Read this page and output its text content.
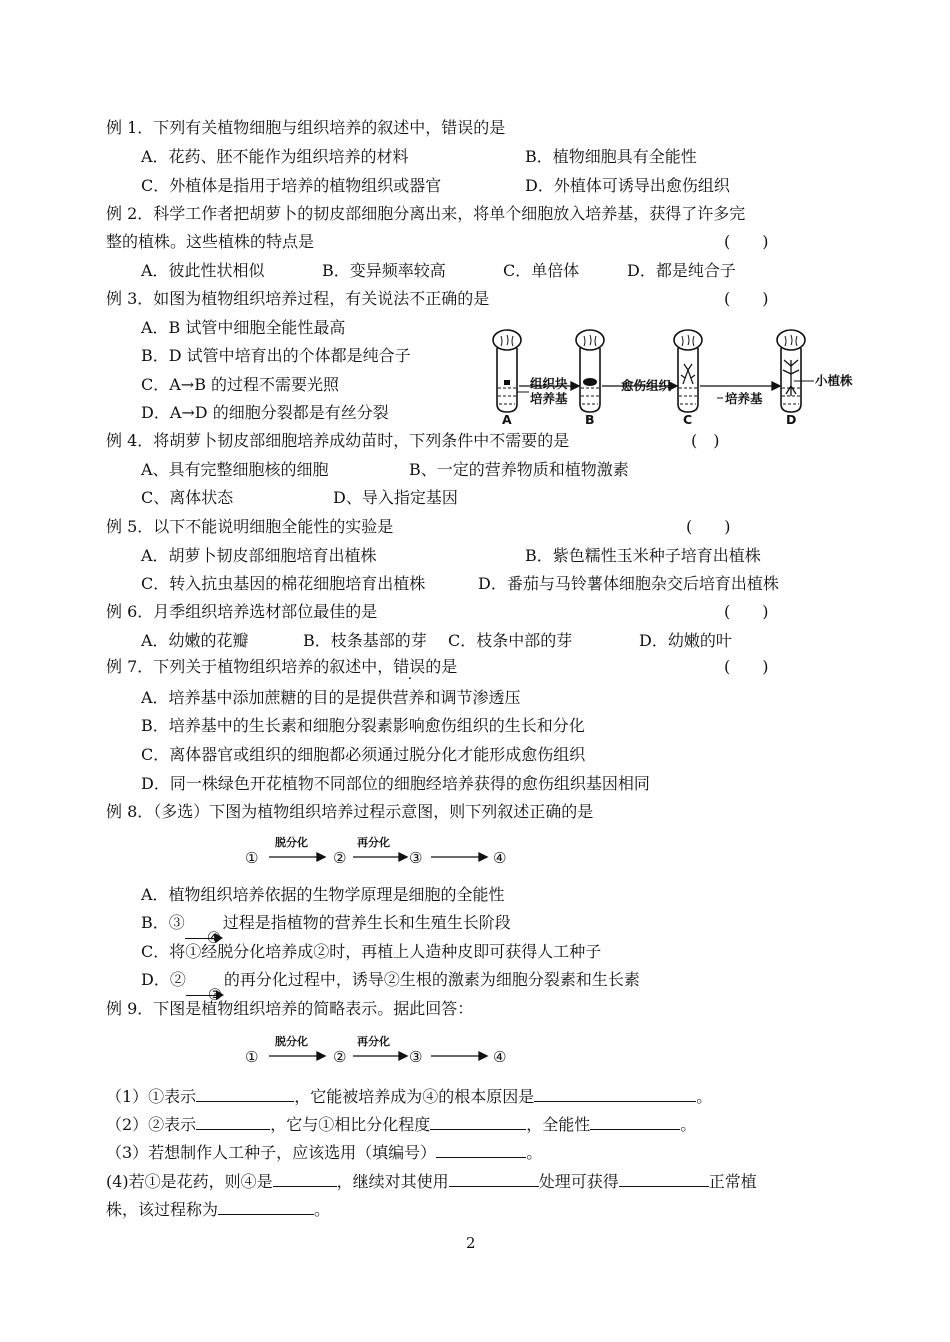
例 1．下列有关植物细胞与组织培养的叙述中，错误的是
A．花药、胚不能作为组织培养的材料	B．植物细胞具有全能性
C．外植体是指用于培养的植物组织或器官	D．外植体可诱导出愈伤组织
例 2．科学工作者把胡萝卜的韧皮部细胞分离出来，将单个细胞放入培养基，获得了许多完
整的植株。这些植株的特点是	(　　)
A．彼此性状相似	B．变异频率较高	C．单倍体	D．都是纯合子
例 3．如图为植物组织培养过程，有关说法不正确的是	(　　)
A．B 试管中细胞全能性最高
B．D 试管中培育出的个体都是纯合子
C．A→B 的过程不需要光照
D．A→D 的细胞分裂都是有丝分裂
组织块
培养基
愈伤组织
培养基
小植株
A	B	C	D
例 4．将胡萝卜韧皮部细胞培养成幼苗时，下列条件中不需要的是	(　)
A、具有完整细胞核的细胞	B、一定的营养物质和植物激素
C、离体状态	D、导入指定基因
例 5．以下不能说明细胞全能性的实验是	(　　)
A．胡萝卜韧皮部细胞培育出植株	B．紫色糯性玉米种子培育出植株
C．转入抗虫基因的棉花细胞培育出植株	D．番茄与马铃薯体细胞杂交后培育出植株
例 6．月季组织培养选材部位最佳的是	(　　)
A．幼嫩的花瓣	B．枝条基部的芽 C．枝条中部的芽	D．幼嫩的叶
例 7．下列关于植物组织培养的叙述中，错误的是	(　　)
A．培养基中添加蔗糖的目的是提供营养和调节渗透压
B．培养基中的生长素和细胞分裂素影响愈伤组织的生长和分化
C．离体器官或组织的细胞都必须通过脱分化才能形成愈伤组织
D．同一株绿色开花植物不同部位的细胞经培养获得的愈伤组织基因相同
例 8．（多选）下图为植物组织培养过程示意图，则下列叙述正确的是
①	②	③	④
脱分化	再分化
A．植物组织培养依据的生物学原理是细胞的全能性
B．③
④
过程是指植物的营养生长和生殖生长阶段
C．将①经脱分化培养成②时，再植上人造种皮即可获得人工种子
D．②
③
的再分化过程中，诱导②生根的激素为细胞分裂素和生长素
例 9．下图是植物组织培养的简略表示。据此回答：
①	②	③	④
脱分化	再分化
（1）①表示	，它能被培养成为④的根本原因是	。
（2）②表示	，它与①相比分化程度	，全能性	。
（3）若想制作人工种子，应该选用（填编号）	。
(4)若①是花药，则④是	，继续对其使用	处理可获得	正常植
株，该过程称为	。
2
